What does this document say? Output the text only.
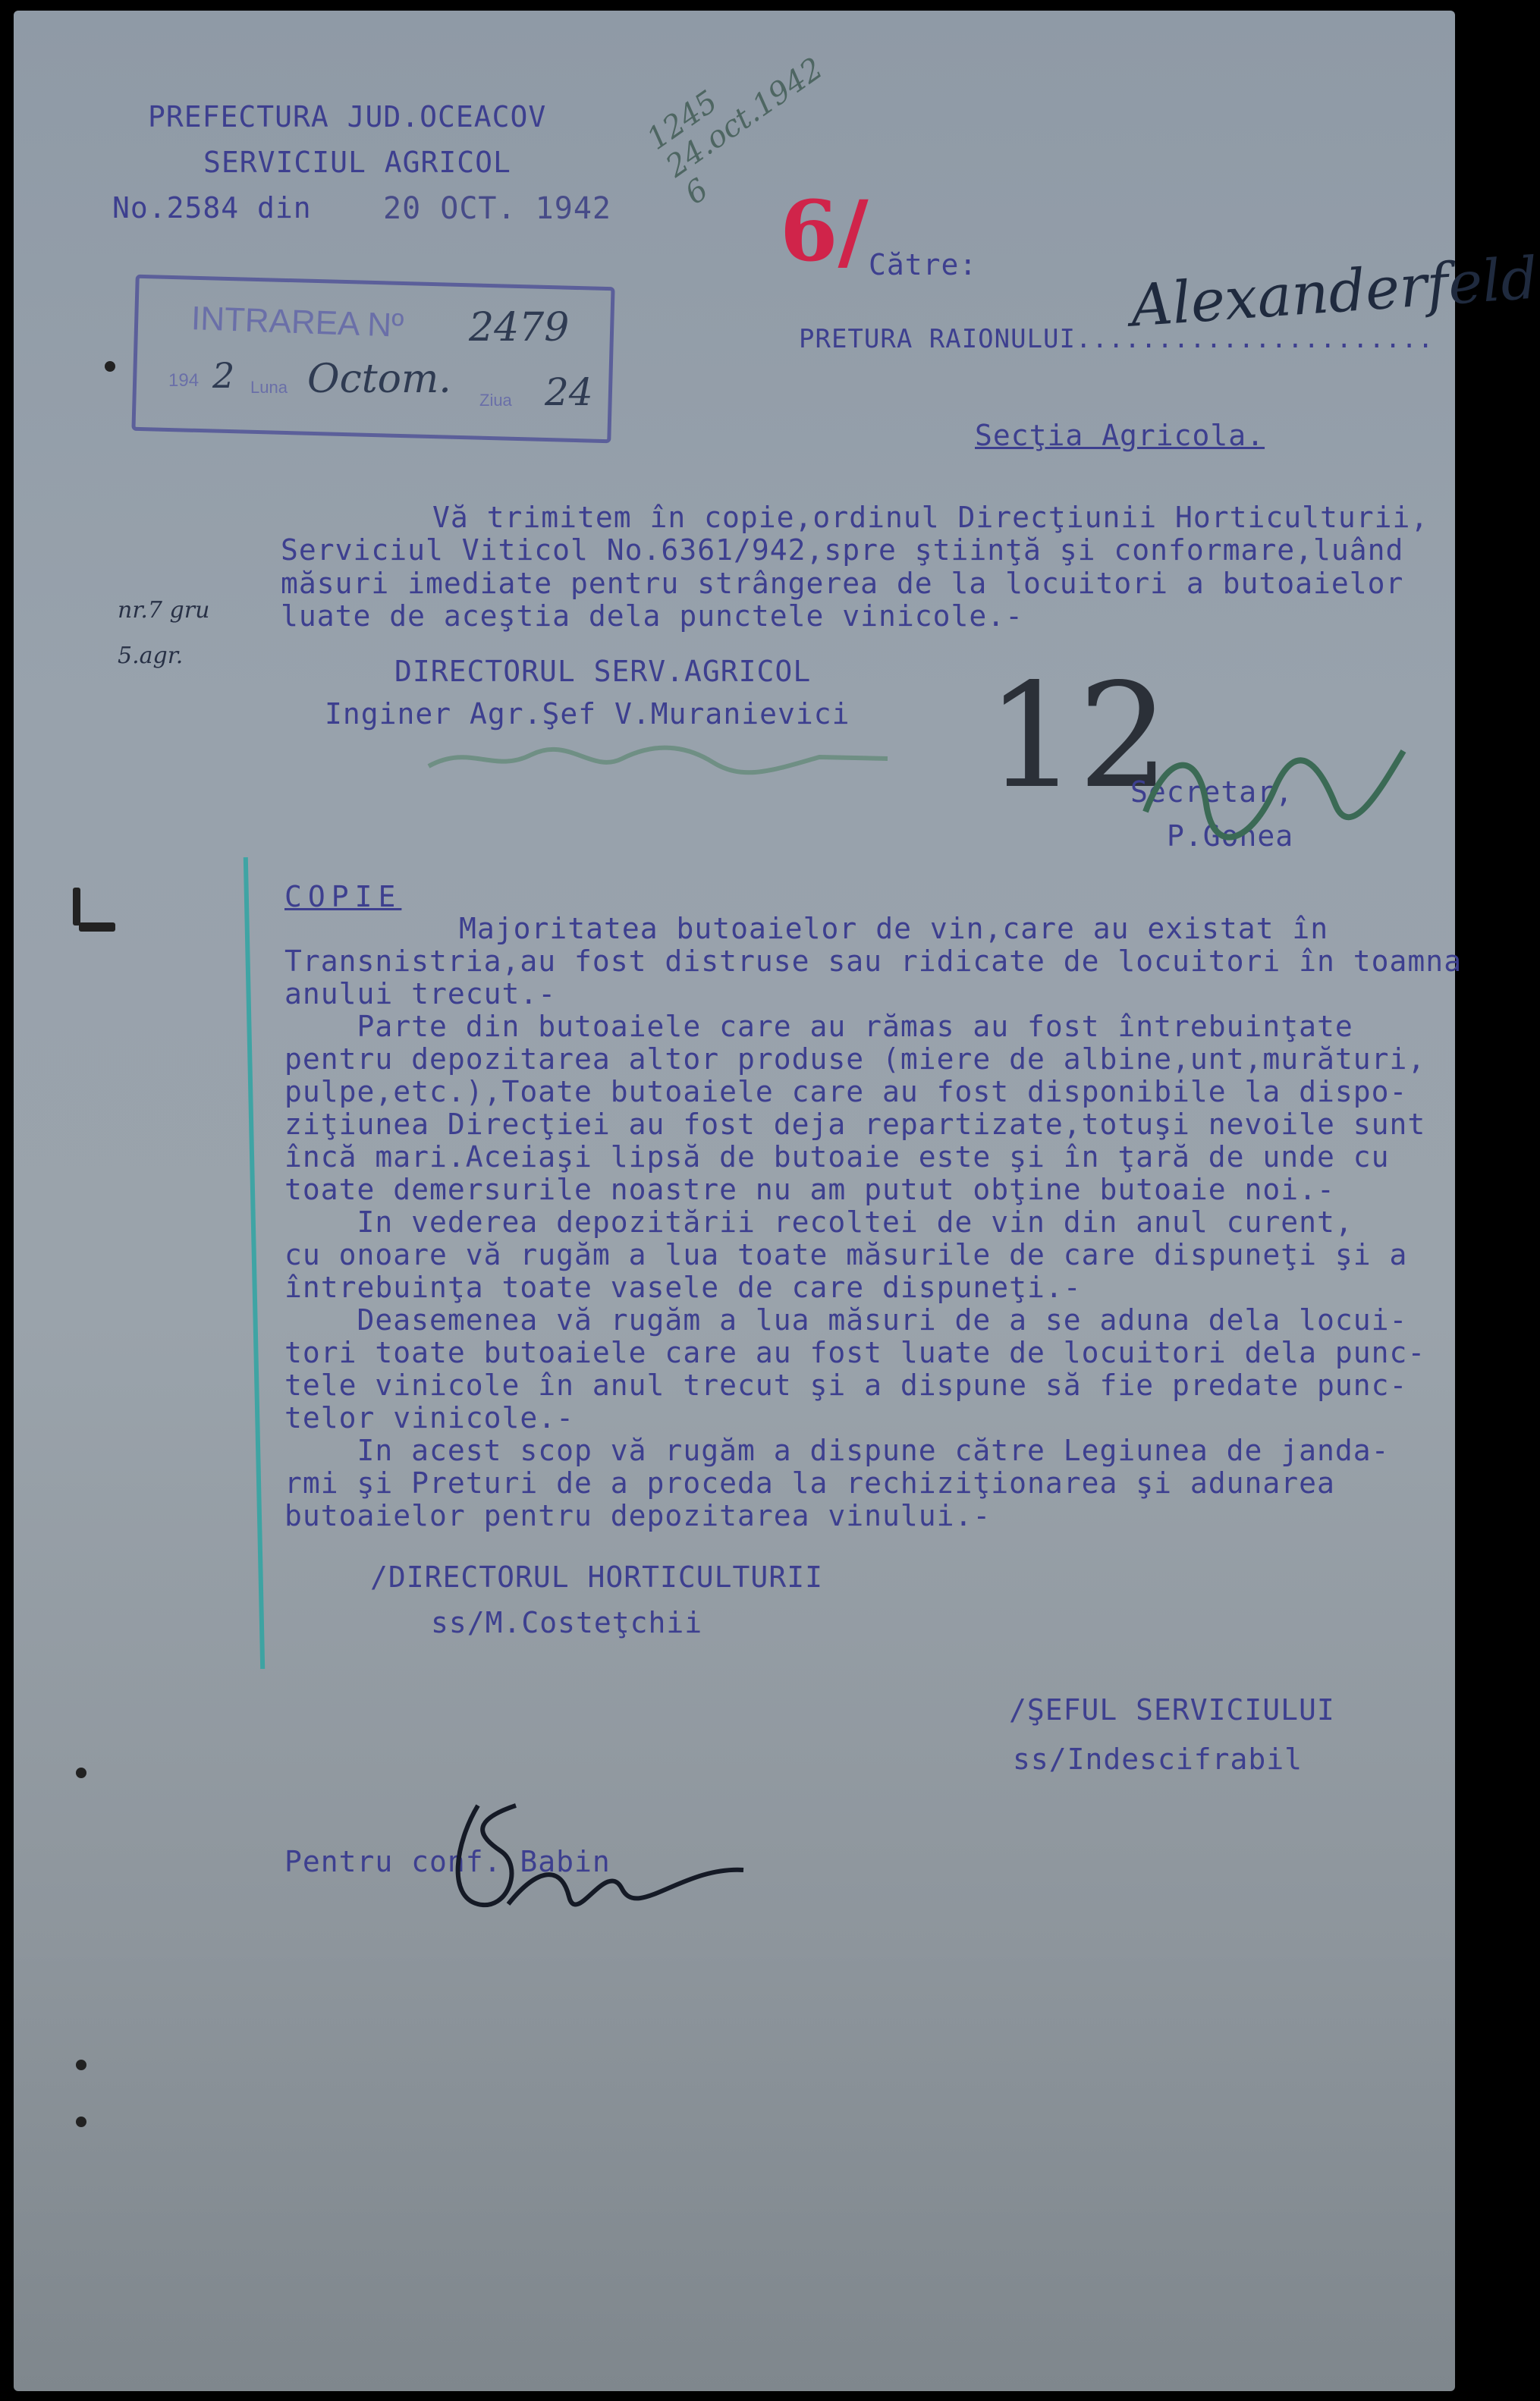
PREFECTURA JUD.OCEACOV
SERVICIUL AGRICOL
No.2584 din 20 OCT. 1942
INTRAREA Nº 2479
194 2 Luna Octom. Ziua 24
1245
24.oct.1942
6 6/ Către:
PRETURA RAIONULUI......................
Alexanderfeld
Secţia Agricola.
Vă trimitem în copie,ordinul Direcţiunii Horticulturii,
Serviciul Viticol No.6361/942,spre ştiinţă şi conformare,luând
măsuri imediate pentru strângerea de la locuitori a butoaielor
luate de aceştia dela punctele vinicole.-
nr.7 gru
5.agr.	DIRECTORUL SERV.AGRICOL
Inginer Agr.Şef V.Muranievici 12
Secretar,
P.Gonea
COPIE
Majoritatea butoaielor de vin,care au existat în
Transnistria,au fost distruse sau ridicate de locuitori în toamna
anului trecut.-
Parte din butoaiele care au rămas au fost întrebuinţate
pentru depozitarea altor produse (miere de albine,unt,murături,
pulpe,etc.),Toate butoaiele care au fost disponibile la dispo-
ziţiunea Direcţiei au fost deja repartizate,totuşi nevoile sunt
încă mari.Aceiaşi lipsă de butoaie este şi în ţară de unde cu
toate demersurile noastre nu am putut obţine butoaie noi.-
In vederea depozitării recoltei de vin din anul curent,
cu onoare vă rugăm a lua toate măsurile de care dispuneţi şi a
întrebuinţa toate vasele de care dispuneţi.-
Deasemenea vă rugăm a lua măsuri de a se aduna dela locui-
tori toate butoaiele care au fost luate de locuitori dela punc-
tele vinicole în anul trecut şi a dispune să fie predate punc-
telor vinicole.-
In acest scop vă rugăm a dispune către Legiunea de janda-
rmi şi Preturi de a proceda la rechiziţionarea şi adunarea
butoaielor pentru depozitarea vinului.-
/DIRECTORUL HORTICULTURII
ss/M.Costeţchii
/ŞEFUL SERVICIULUI
ss/Indescifrabil
Pentru conf. Babin
